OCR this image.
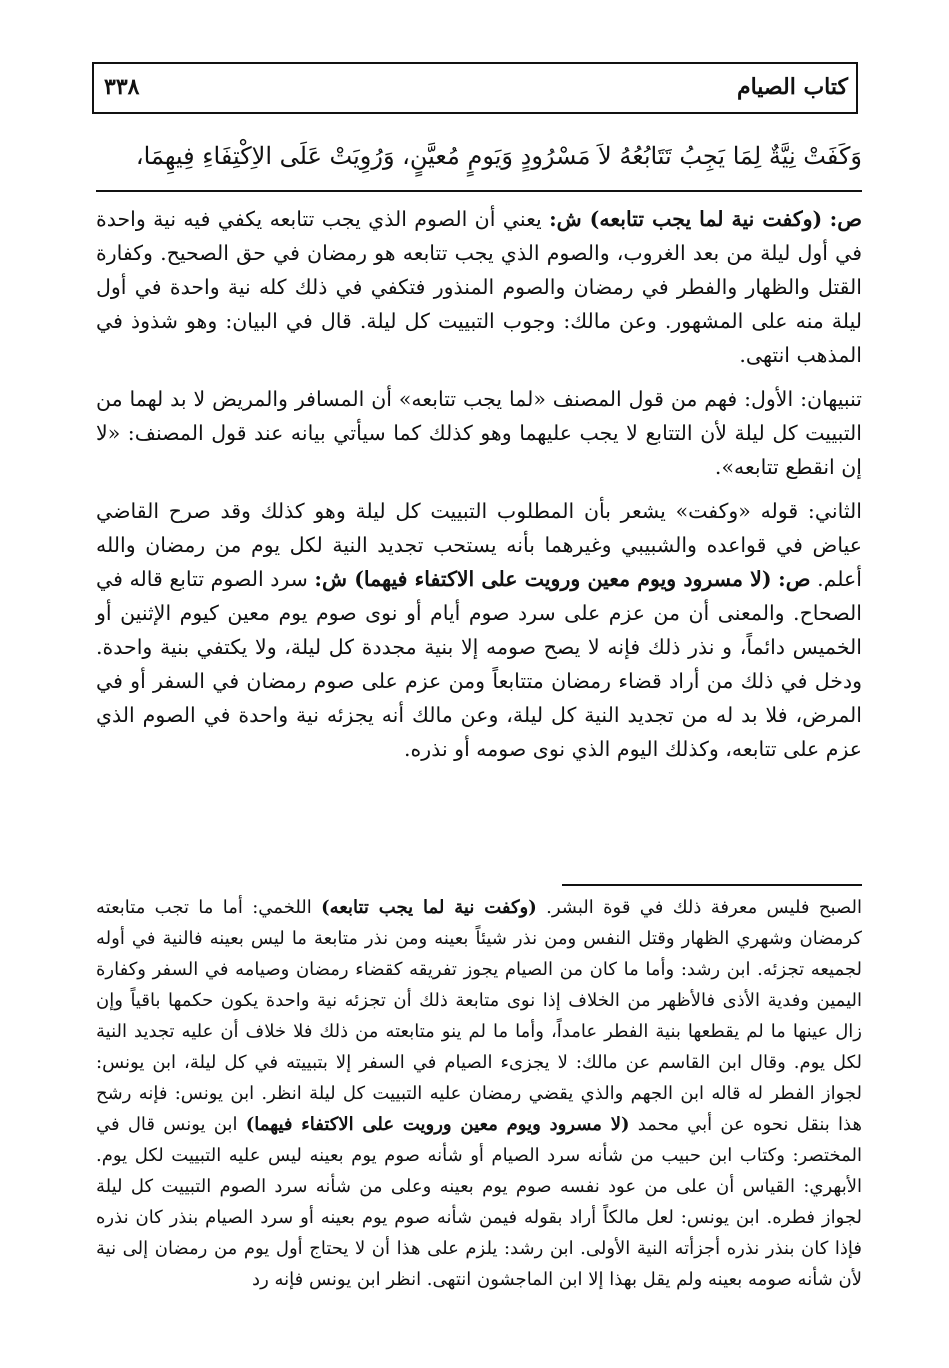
كتاب الصيام
٣٣٨
وَكَفَتْ نِيَّةٌ لِمَا يَجِبُ تَتَابُعُهُ لاَ مَسْرُودٍ وَيَومٍ مُعيَّنٍ، وَرُوِيَتْ عَلَى الاِكْتِفَاءِ فِيهِمَا،

ص: (وكفت نية لما يجب تتابعه) ش: يعني أن الصوم الذي يجب تتابعه يكفي فيه نية واحدة في أول ليلة من بعد الغروب، والصوم الذي يجب تتابعه هو رمضان في حق الصحيح. وكفارة القتل والظهار والفطر في رمضان والصوم المنذور فتكفي في ذلك كله نية واحدة في أول ليلة منه على المشهور. وعن مالك: وجوب التبييت كل ليلة. قال في البيان: وهو شذوذ في المذهب انتهى.

تنبيهان: الأول: فهم من قول المصنف «لما يجب تتابعه» أن المسافر والمريض لا بد لهما من التبييت كل ليلة لأن التتابع لا يجب عليهما وهو كذلك كما سيأتي بيانه عند قول المصنف: «لا إن انقطع تتابعه».

الثاني: قوله «وكفت» يشعر بأن المطلوب التبييت كل ليلة وهو كذلك وقد صرح القاضي عياض في قواعده والشبيبي وغيرهما بأنه يستحب تجديد النية لكل يوم من رمضان والله أعلم. ص: (لا مسرود ويوم معين ورويت على الاكتفاء فيهما) ش: سرد الصوم تتابع قاله في الصحاح. والمعنى أن من عزم على سرد صوم أيام أو نوى صوم يوم معين كيوم الإثنين أو الخميس دائماً، و نذر ذلك فإنه لا يصح صومه إلا بنية مجددة كل ليلة، ولا يكتفي بنية واحدة. ودخل في ذلك من أراد قضاء رمضان متتابعاً ومن عزم على صوم رمضان في السفر أو في المرض، فلا بد له من تجديد النية كل ليلة، وعن مالك أنه يجزئه نية واحدة في الصوم الذي عزم على تتابعه، وكذلك اليوم الذي نوى صومه أو نذره.

الصبح فليس معرفة ذلك في قوة البشر. (وكفت نية لما يجب تتابعه) اللخمي: أما ما تجب متابعته كرمضان وشهري الظهار وقتل النفس ومن نذر شيئاً بعينه ومن نذر متابعة ما ليس بعينه فالنية في أوله لجميعه تجزئه. ابن رشد: وأما ما كان من الصيام يجوز تفريقه كقضاء رمضان وصيامه في السفر وكفارة اليمين وفدية الأذى فالأظهر من الخلاف إذا نوى متابعة ذلك أن تجزئه نية واحدة يكون حكمها باقياً وإن زال عينها ما لم يقطعها بنية الفطر عامداً، وأما ما لم ينو متابعته من ذلك فلا خلاف أن عليه تجديد النية لكل يوم. وقال ابن القاسم عن مالك: لا يجزىء الصيام في السفر إلا بتبييته في كل ليلة، ابن يونس: لجواز الفطر له قاله ابن الجهم والذي يقضي رمضان عليه التبييت كل ليلة انظر. ابن يونس: فإنه رشح هذا بنقل نحوه عن أبي محمد (لا مسرود ويوم معين ورويت على الاكتفاء فيهما) ابن يونس قال في المختصر: وكتاب ابن حبيب من شأنه سرد الصيام أو شأنه صوم يوم بعينه ليس عليه التبييت لكل يوم. الأبهري: القياس أن على من عود نفسه صوم يوم بعينه وعلى من شأنه سرد الصوم التبييت كل ليلة لجواز فطره. ابن يونس: لعل مالكاً أراد بقوله فيمن شأنه صوم يوم بعينه أو سرد الصيام بنذر كان نذره فإذا كان بنذر نذره أجزأته النية الأولى. ابن رشد: يلزم على هذا أن لا يحتاج أول يوم من رمضان إلى نية لأن شأنه صومه بعينه ولم يقل بهذا إلا ابن الماجشون انتهى. انظر ابن يونس فإنه رد
